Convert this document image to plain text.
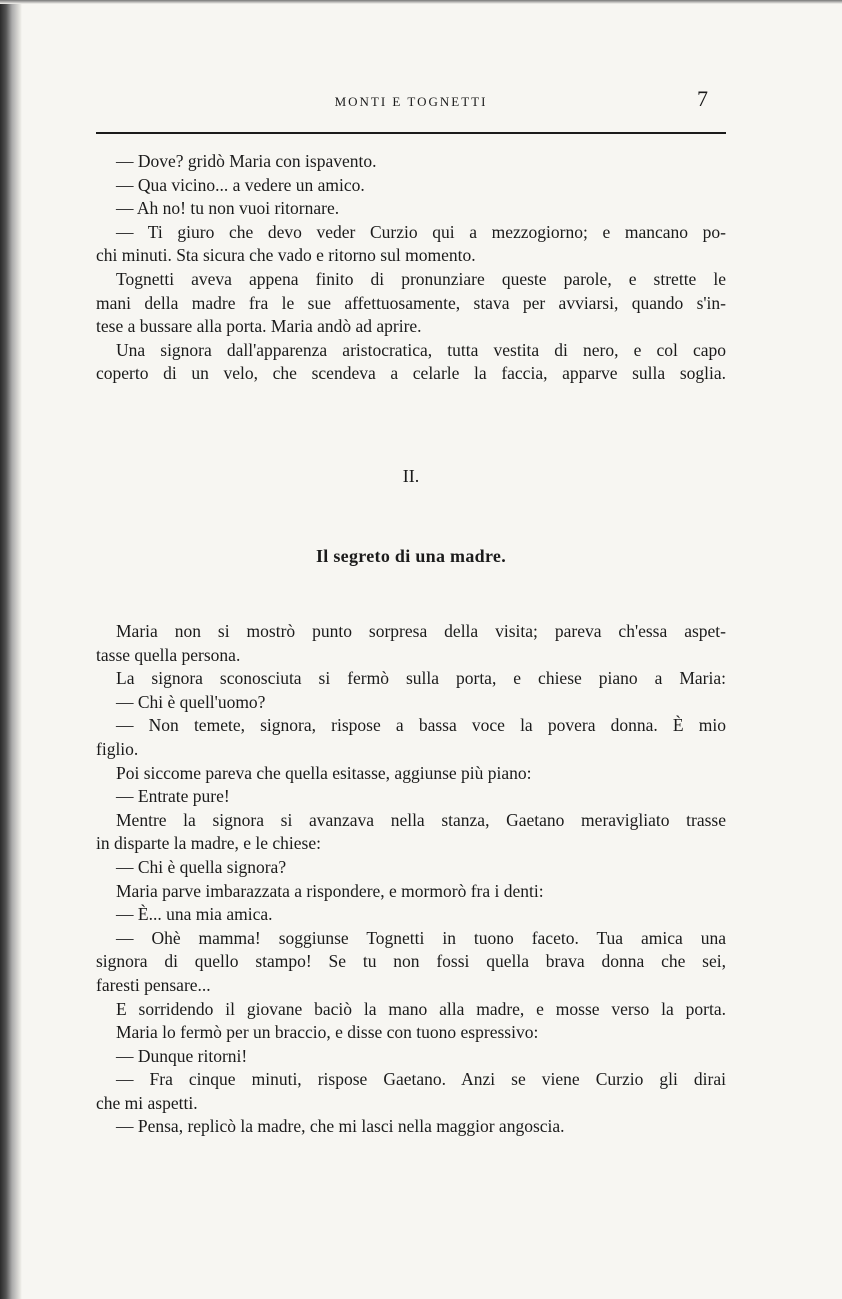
MONTI E TOGNETTI	7
— Dove? gridò Maria con ispavento.
— Qua vicino... a vedere un amico.
— Ah no! tu non vuoi ritornare.
— Ti giuro che devo veder Curzio qui a mezzogiorno; e mancano po-
chi minuti. Sta sicura che vado e ritorno sul momento.
Tognetti aveva appena finito di pronunziare queste parole, e strette le
mani della madre fra le sue affettuosamente, stava per avviarsi, quando s'in-
tese a bussare alla porta. Maria andò ad aprire.
Una signora dall'apparenza aristocratica, tutta vestita di nero, e col capo
coperto di un velo, che scendeva a celarle la faccia, apparve sulla soglia.
II.
Il segreto di una madre.
Maria non si mostrò punto sorpresa della visita; pareva ch'essa aspet-
tasse quella persona.
La signora sconosciuta si fermò sulla porta, e chiese piano a Maria:
— Chi è quell'uomo?
— Non temete, signora, rispose a bassa voce la povera donna. È mio
figlio.
Poi siccome pareva che quella esitasse, aggiunse più piano:
— Entrate pure!
Mentre la signora si avanzava nella stanza, Gaetano meravigliato trasse
in disparte la madre, e le chiese:
— Chi è quella signora?
Maria parve imbarazzata a rispondere, e mormorò fra i denti:
— È... una mia amica.
— Ohè mamma! soggiunse Tognetti in tuono faceto. Tua amica una
signora di quello stampo! Se tu non fossi quella brava donna che sei,
faresti pensare...
E sorridendo il giovane baciò la mano alla madre, e mosse verso la porta.
Maria lo fermò per un braccio, e disse con tuono espressivo:
— Dunque ritorni!
— Fra cinque minuti, rispose Gaetano. Anzi se viene Curzio gli dirai
che mi aspetti.
— Pensa, replicò la madre, che mi lasci nella maggior angoscia.
